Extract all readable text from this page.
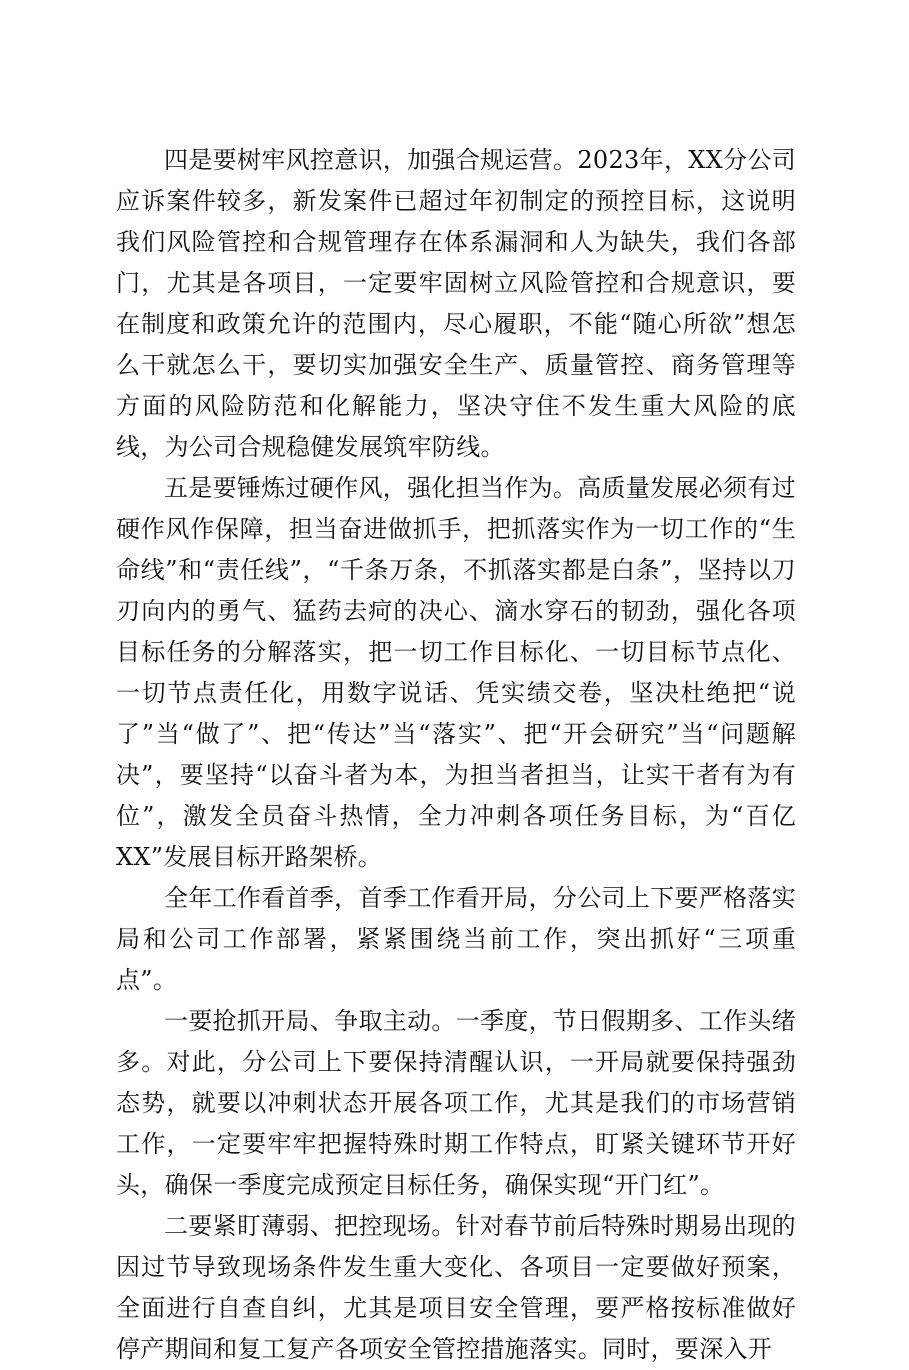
四是要树牢风控意识，加强合规运营。2023年，XX分公司应诉案件较多，新发案件已超过年初制定的预控目标，这说明我们风险管控和合规管理存在体系漏洞和人为缺失，我们各部门，尤其是各项目，一定要牢固树立风险管控和合规意识，要在制度和政策允许的范围内，尽心履职，不能“随心所欲”想怎么干就怎么干，要切实加强安全生产、质量管控、商务管理等方面的风险防范和化解能力，坚决守住不发生重大风险的底线，为公司合规稳健发展筑牢防线。

五是要锤炼过硬作风，强化担当作为。高质量发展必须有过硬作风作保障，担当奋进做抓手，把抓落实作为一切工作的“生命线”和“责任线”，“千条万条，不抓落实都是白条”，坚持以刀刃向内的勇气、猛药去疴的决心、滴水穿石的韧劲，强化各项目标任务的分解落实，把一切工作目标化、一切目标节点化、一切节点责任化，用数字说话、凭实绩交卷，坚决杜绝把“说了”当“做了”、把“传达”当“落实”、把“开会研究”当“问题解决”，要坚持“以奋斗者为本，为担当者担当，让实干者有为有位”，激发全员奋斗热情，全力冲刺各项任务目标，为“百亿XX”发展目标开路架桥。

全年工作看首季，首季工作看开局，分公司上下要严格落实局和公司工作部署，紧紧围绕当前工作，突出抓好“三项重点”。

一要抢抓开局、争取主动。一季度，节日假期多、工作头绪多。对此，分公司上下要保持清醒认识，一开局就要保持强劲态势，就要以冲刺状态开展各项工作，尤其是我们的市场营销工作，一定要牢牢把握特殊时期工作特点，盯紧关键环节开好头，确保一季度完成预定目标任务，确保实现“开门红”。

二要紧盯薄弱、把控现场。针对春节前后特殊时期易出现的因过节导致现场条件发生重大变化、各项目一定要做好预案，全面进行自查自纠，尤其是项目安全管理，要严格按标准做好停产期间和复工复产各项安全管控措施落实。同时，要深入开
